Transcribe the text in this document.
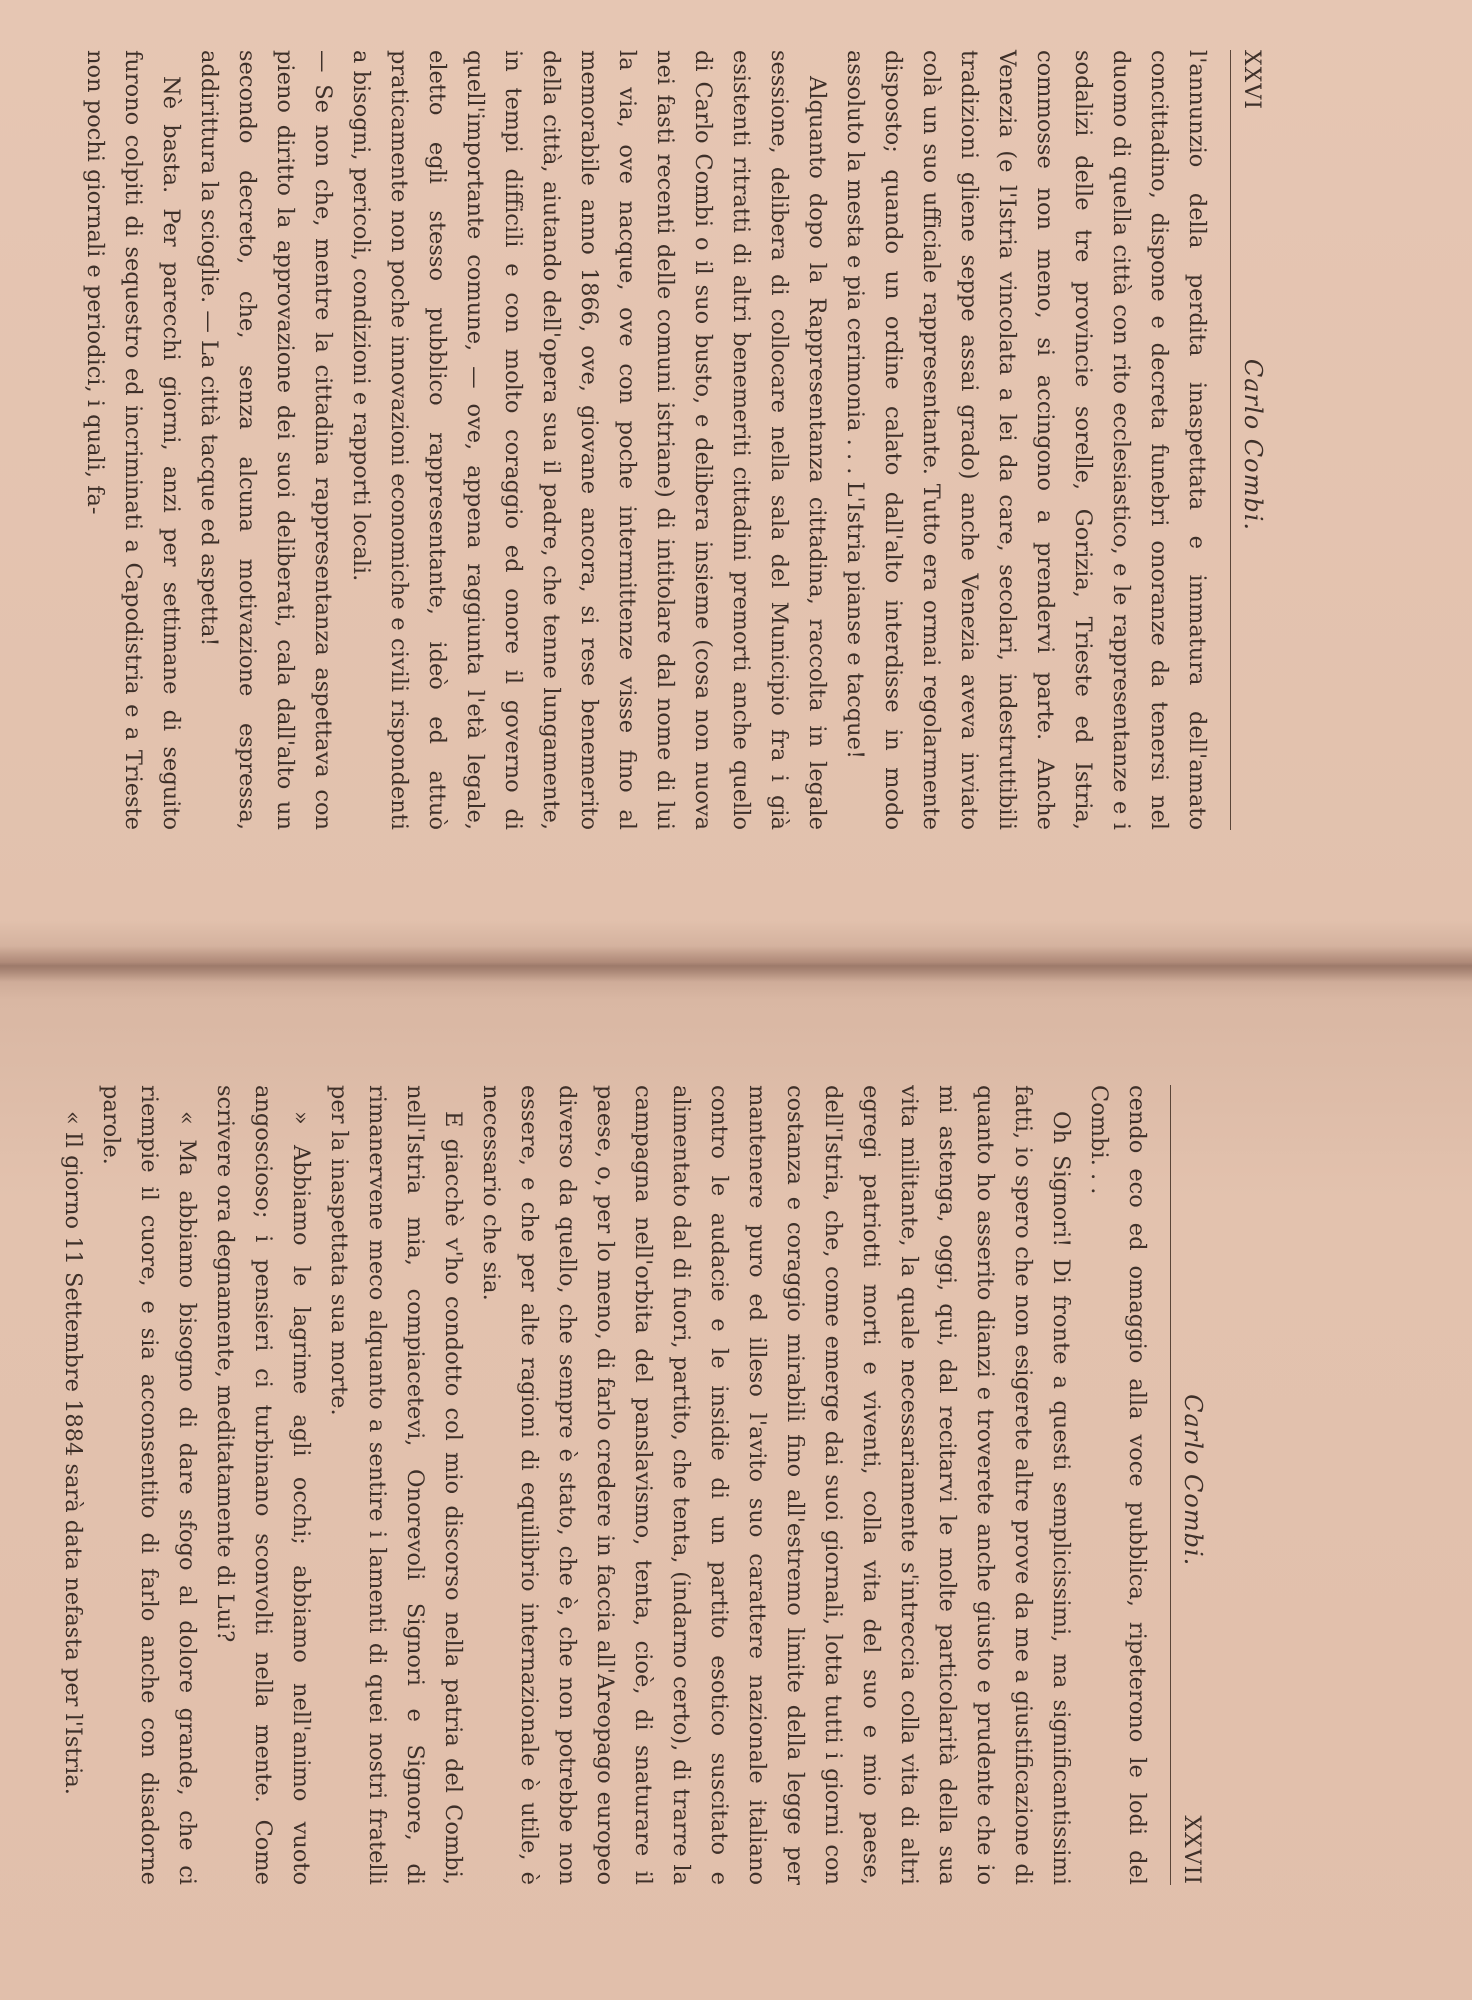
XXVI
Carlo Combi.

l'annunzio della perdita inaspettata e immatura dell'amato concittadino, dispone e decreta funebri onoranze da tenersi nel duomo di quella città con rito ecclesiastico, e le rappresentanze e i sodalizi delle tre provincie sorelle, Gorizia, Trieste ed Istria, commosse non meno, si accingono a prendervi parte. Anche Venezia (e l'Istria vincolata a lei da care, secolari, indestruttibili tradizioni gliene seppe assai grado) anche Venezia aveva inviato colà un suo ufficiale rappresentante. Tutto era ormai regolarmente disposto; quando un ordine calato dall'alto interdisse in modo assoluto la mesta e pia cerimonia . . . L'Istria pianse e tacque!

Alquanto dopo la Rappresentanza cittadina, raccolta in legale sessione, delibera di collocare nella sala del Municipio fra i già esistenti ritratti di altri benemeriti cittadini premorti anche quello di Carlo Combi o il suo busto, e delibera insieme (cosa non nuova nei fasti recenti delle comuni istriane) di intitolare dal nome di lui la via, ove nacque, ove con poche intermittenze visse fino al memorabile anno 1866, ove, giovane ancora, si rese benemerito della città, aiutando dell'opera sua il padre, che tenne lungamente, in tempi difficili e con molto coraggio ed onore il governo di quell'importante comune, — ove, appena raggiunta l'età legale, eletto egli stesso pubblico rappresentante, ideò ed attuò praticamente non poche innovazioni economiche e civili rispondenti a bisogni, pericoli, condizioni e rapporti locali.

— Se non che, mentre la cittadina rappresentanza aspettava con pieno diritto la approvazione dei suoi deliberati, cala dall'alto un secondo decreto, che, senza alcuna motivazione espressa, addirittura la scioglie. — La città tacque ed aspetta!

Nè basta. Per parecchi giorni, anzi per settimane di seguito furono colpiti di sequestro ed incriminati a Capodistria e a Trieste non pochi giornali e periodici, i quali, fa-

Carlo Combi.
XXVII

cendo eco ed omaggio alla voce pubblica, ripeterono le lodi del Combi. . .

Oh Signori! Di fronte a questi semplicissimi, ma significantissimi fatti, io spero che non esigerete altre prove da me a giustificazione di quanto ho asserito dianzi e troverete anche giusto e prudente che io mi astenga, oggi, qui, dal recitarvi le molte particolarità della sua vita militante, la quale necessariamente s'intreccia colla vita di altri egregi patriotti morti e viventi, colla vita del suo e mio paese, dell'Istria, che, come emerge dai suoi giornali, lotta tutti i giorni con costanza e coraggio mirabili fino all'estremo limite della legge per mantenere puro ed illeso l'avito suo carattere nazionale italiano contro le audacie e le insidie di un partito esotico suscitato e alimentato dal di fuori, partito, che tenta, (indarno certo), di trarre la campagna nell'orbita del panslavismo, tenta, cioè, di snaturare il paese, o, per lo meno, di farlo credere in faccia all'Areopago europeo diverso da quello, che sempre è stato, che è, che non potrebbe non essere, e che per alte ragioni di equilibrio internazionale è utile, è necessario che sia.

E giacchè v'ho condotto col mio discorso nella patria del Combi, nell'Istria mia, compiacetevi, Onorevoli Signori e Signore, di rimanervene meco alquanto a sentire i lamenti di quei nostri fratelli per la inaspettata sua morte.

» Abbiamo le lagrime agli occhi; abbiamo nell'animo vuoto angoscioso; i pensieri ci turbinano sconvolti nella mente. Come scrivere ora degnamente, meditatamente di Lui?

« Ma abbiamo bisogno di dare sfogo al dolore grande, che ci riempie il cuore, e sia acconsentito di farlo anche con disadorne parole.

« Il giorno 11 Settembre 1884 sarà data nefasta per l'Istria.
